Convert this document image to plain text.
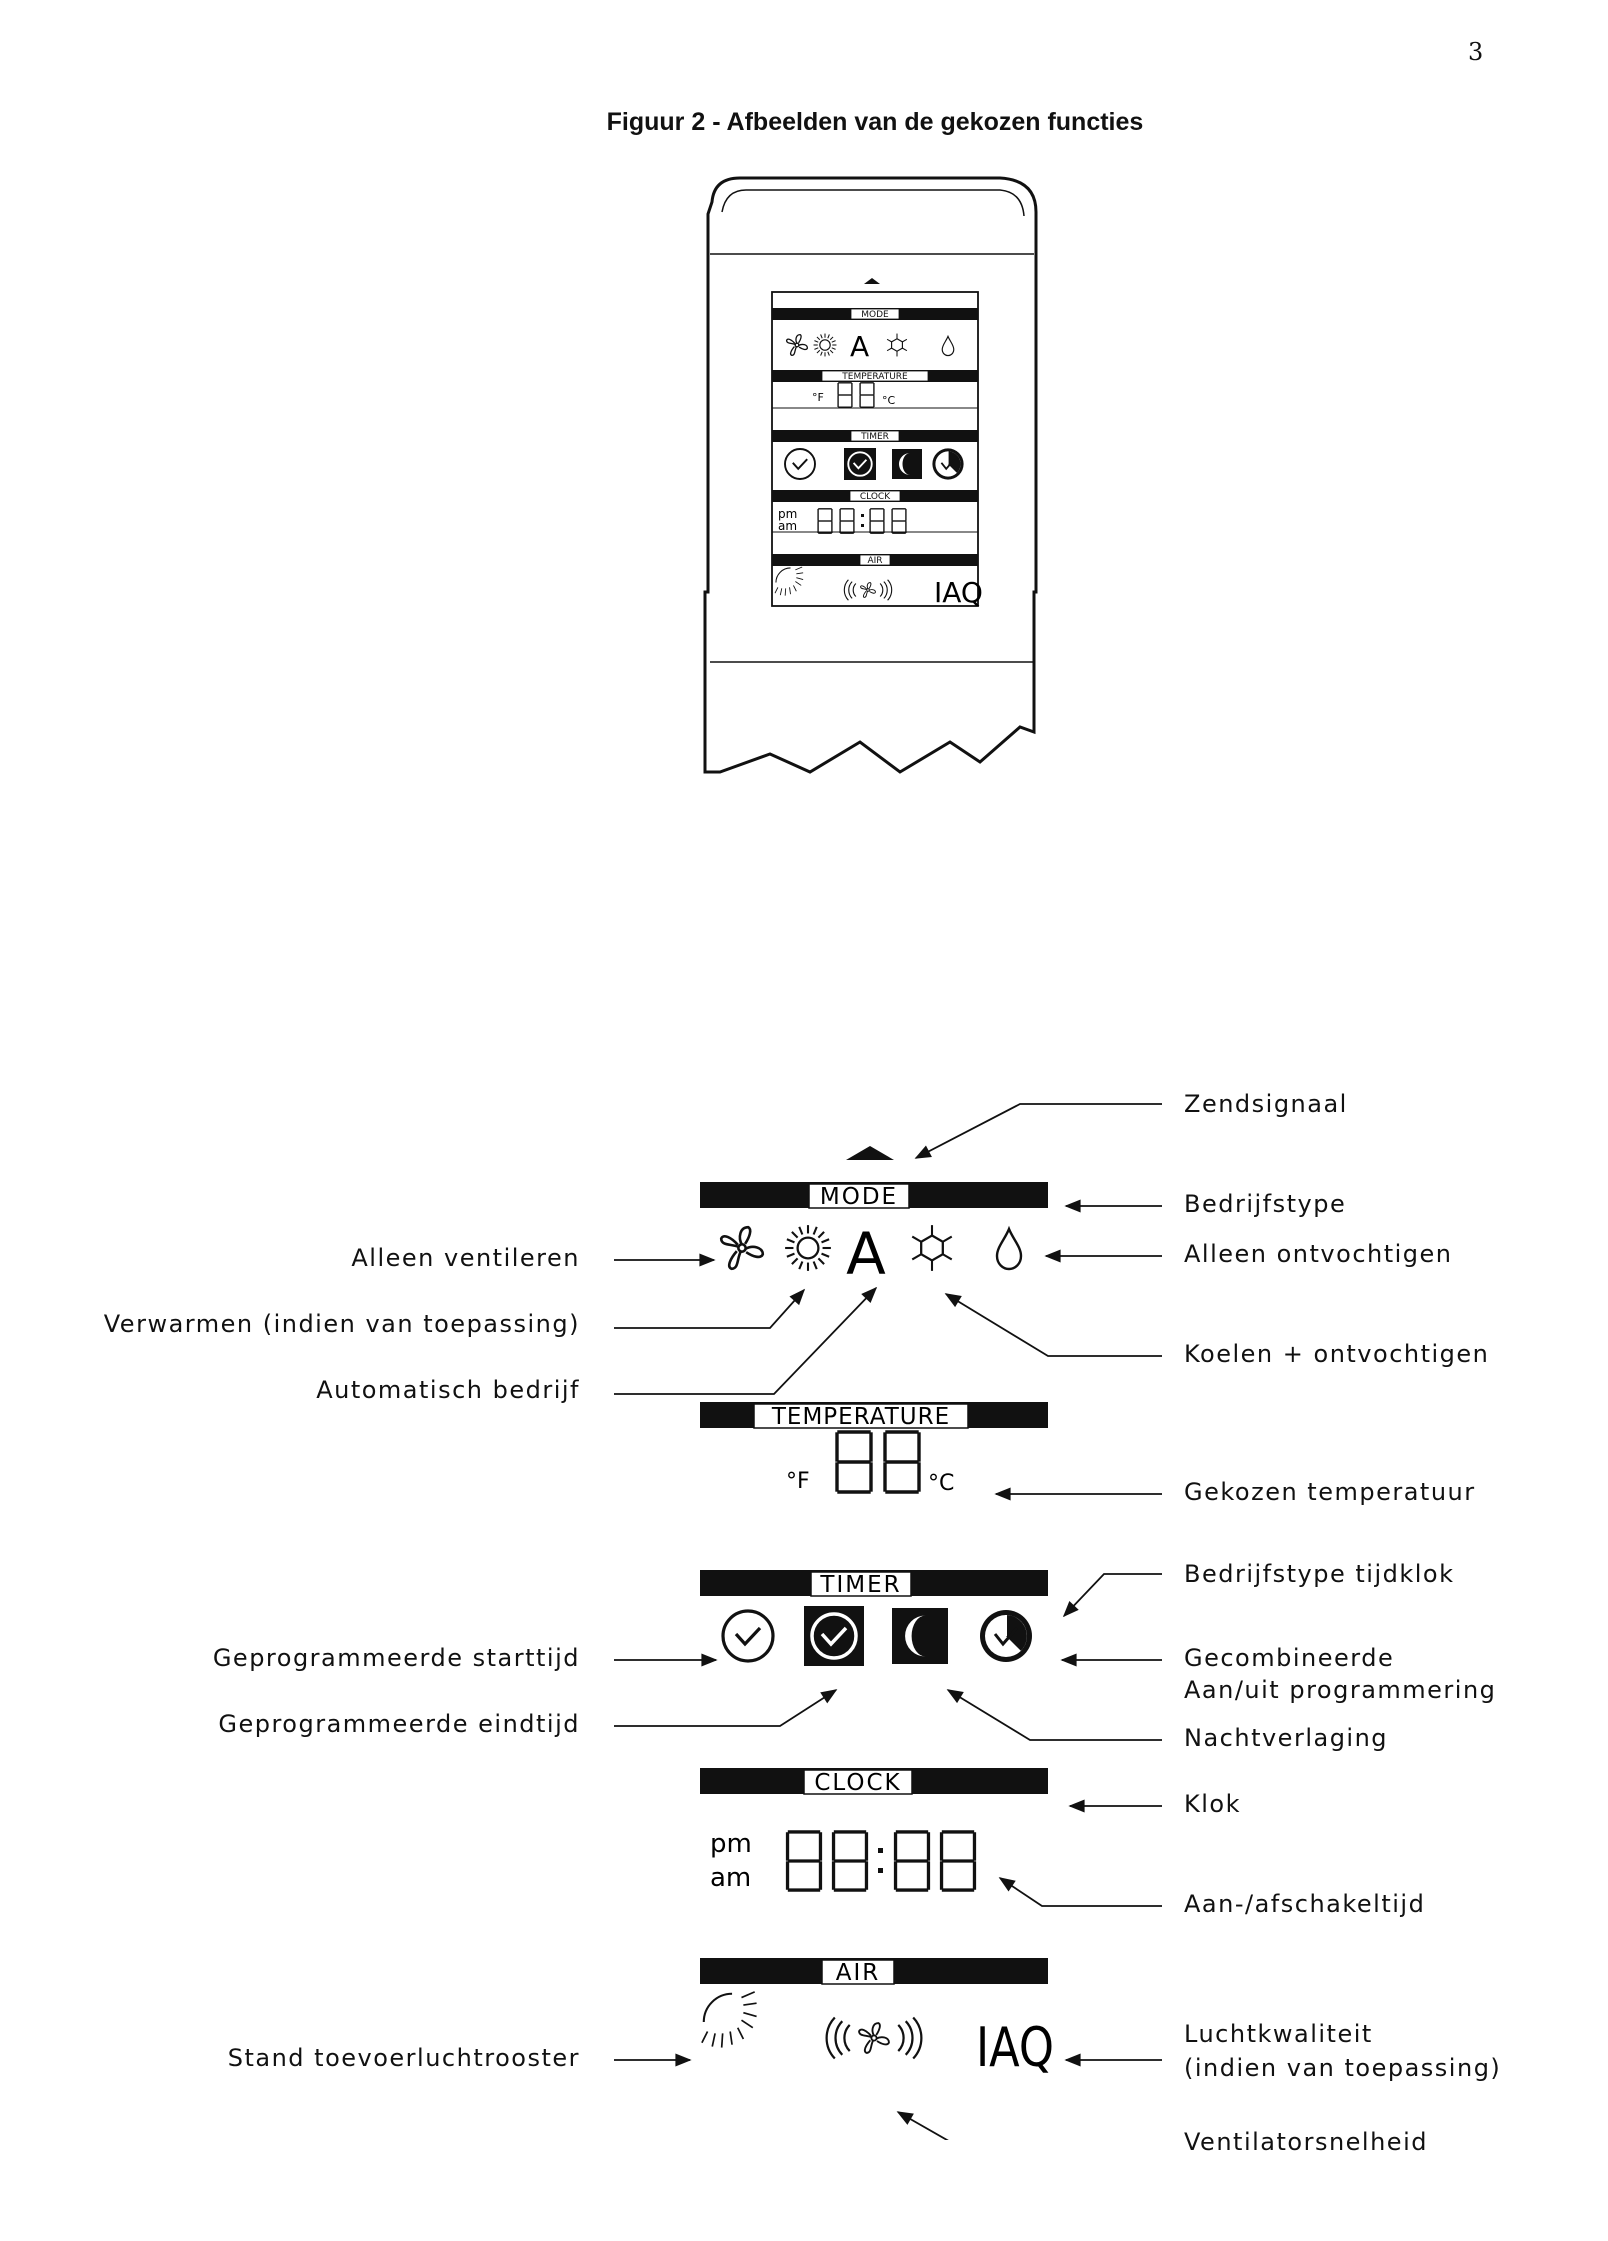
3
Figuur 2 - Afbeelden van de gekozen functies
MODE
TEMPERATURE
TIMER
CLOCK
AIR
A
°F	°C
pm
am
IAQ
MODE
TEMPERATURE
TIMER
CLOCK
AIR
A
°F	°C
pm
am
IAQ
Zendsignaal
Bedrijfstype
Alleen ontvochtigen
Koelen + ontvochtigen
Gekozen temperatuur
Bedrijfstype tijdklok
Gecombineerde
Aan/uit programmering
Nachtverlaging
Klok
Aan-/afschakeltijd
Luchtkwaliteit
(indien van toepassing)
Ventilatorsnelheid
Alleen ventileren
Verwarmen (indien van toepassing)
Automatisch bedrijf
Geprogrammeerde starttijd
Geprogrammeerde eindtijd
Stand toevoerluchtrooster
